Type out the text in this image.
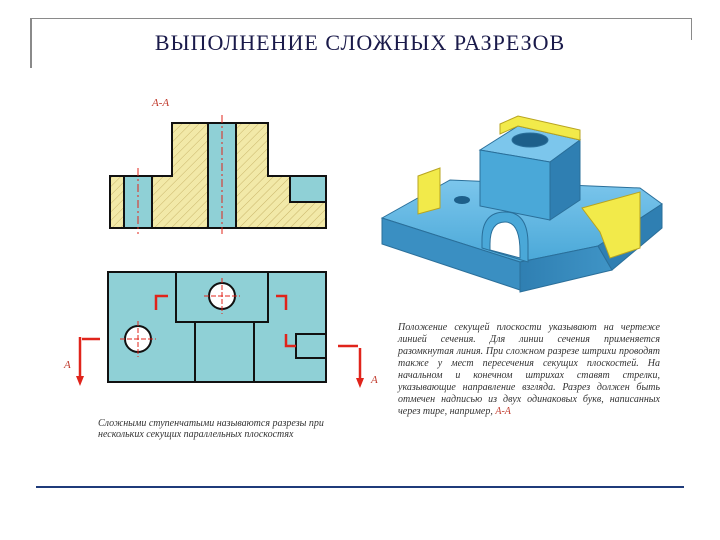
ВЫПОЛНЕНИЕ СЛОЖНЫХ РАЗРЕЗОВ
А-А
А
А
Сложными ступенчатыми называются разрезы при нескольких секущих параллельных плоскостях
Положение секущей плоскости указывают на чертеже линией сечения. Для линии сечения применяется разомкнутая линия. При сложном разрезе штрихи проводят также у мест пересечения секущих плоскостей. На начальном и конечном штрихах ставят стрелки, указывающие направление взгляда. Разрез должен быть отмечен надписью из двух одинаковых букв, написанных через тире, например, А-А
